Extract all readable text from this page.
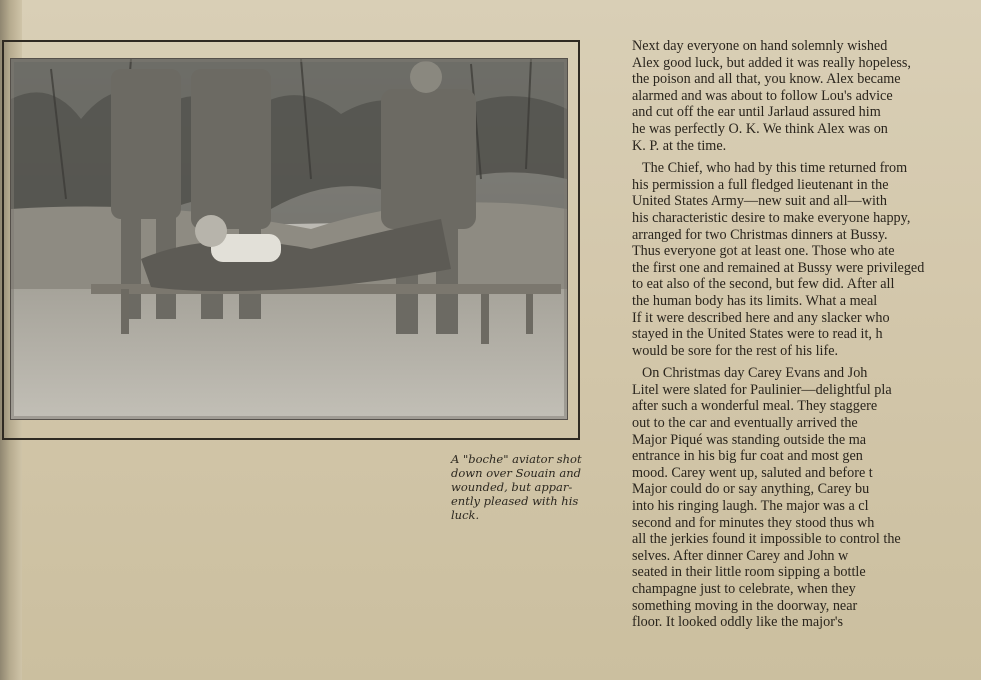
A "boche" aviator shot
down over Souain and
wounded, but appar-
ently pleased with his
luck.

Next day everyone on hand solemnly wished
Alex good luck, but added it was really hopeless,
the poison and all that, you know. Alex became
alarmed and was about to follow Lou's advice
and cut off the ear until Jarlaud assured him
he was perfectly O. K. We think Alex was on
K. P. at the time.

The Chief, who had by this time returned from
his permission a full fledged lieutenant in the
United States Army—new suit and all—with
his characteristic desire to make everyone happy,
arranged for two Christmas dinners at Bussy.
Thus everyone got at least one. Those who ate
the first one and remained at Bussy were privileged
to eat also of the second, but few did. After all
the human body has its limits. What a meal
If it were described here and any slacker who
stayed in the United States were to read it, h
would be sore for the rest of his life.

On Christmas day Carey Evans and Joh
Litel were slated for Paulinier—delightful pla
after such a wonderful meal. They staggere
out to the car and eventually arrived the
Major Piqué was standing outside the ma
entrance in his big fur coat and most gen
mood. Carey went up, saluted and before t
Major could do or say anything, Carey bu
into his ringing laugh. The major was a cl
second and for minutes they stood thus wh
all the jerkies found it impossible to control the
selves. After dinner Carey and John w
seated in their little room sipping a bottle
champagne just to celebrate, when they
something moving in the doorway, near
floor. It looked oddly like the major's
